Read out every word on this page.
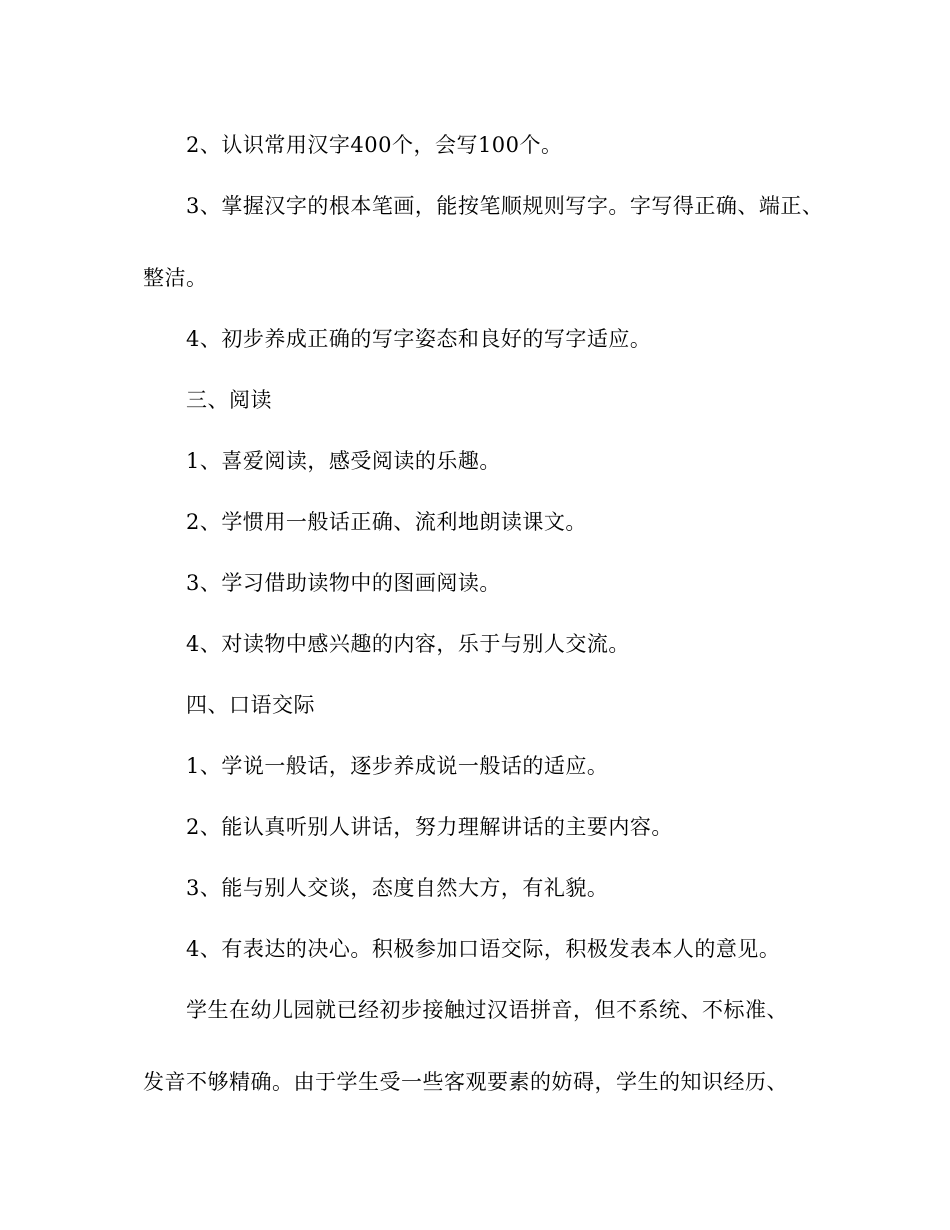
2、认识常用汉字400个，会写100个。
3、掌握汉字的根本笔画，能按笔顺规则写字。字写得正确、端正、
整洁。
4、初步养成正确的写字姿态和良好的写字适应。
三、阅读
1、喜爱阅读，感受阅读的乐趣。
2、学惯用一般话正确、流利地朗读课文。
3、学习借助读物中的图画阅读。
4、对读物中感兴趣的内容，乐于与别人交流。
四、口语交际
1、学说一般话，逐步养成说一般话的适应。
2、能认真听别人讲话，努力理解讲话的主要内容。
3、能与别人交谈，态度自然大方，有礼貌。
4、有表达的决心。积极参加口语交际，积极发表本人的意见。
学生在幼儿园就已经初步接触过汉语拼音，但不系统、不标准、
发音不够精确。由于学生受一些客观要素的妨碍，学生的知识经历、
